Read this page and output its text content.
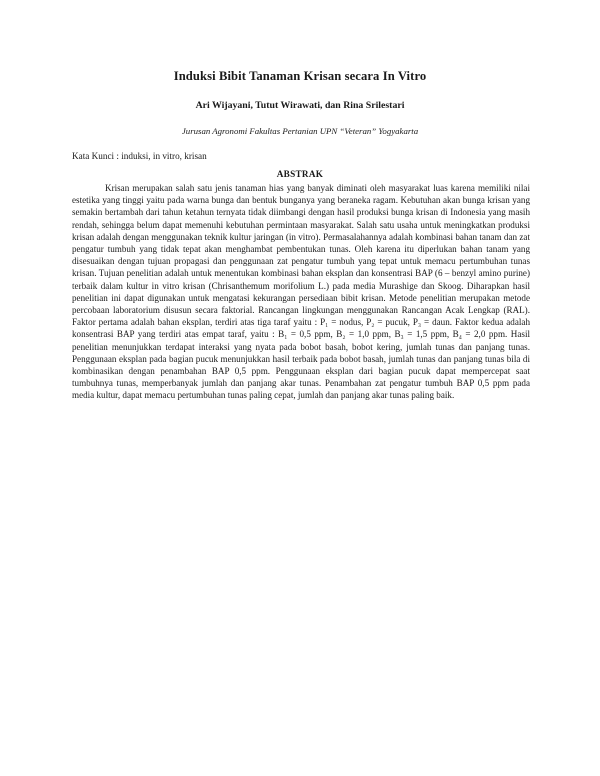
Induksi Bibit Tanaman Krisan secara In Vitro
Ari Wijayani, Tutut Wirawati, dan Rina Srilestari
Jurusan Agronomi Fakultas Pertanian UPN “Veteran” Yogyakarta
Kata Kunci : induksi, in vitro, krisan
ABSTRAK

Krisan merupakan salah satu jenis tanaman hias yang banyak diminati oleh masyarakat luas karena memiliki nilai estetika yang tinggi yaitu pada warna bunga dan bentuk bunganya yang beraneka ragam. Kebutuhan akan bunga krisan yang semakin bertambah dari tahun ketahun ternyata tidak diimbangi dengan hasil produksi bunga krisan di Indonesia yang masih rendah, sehingga belum dapat memenuhi kebutuhan permintaan masyarakat. Salah satu usaha untuk meningkatkan produksi krisan adalah dengan menggunakan teknik kultur jaringan (in vitro). Permasalahannya adalah kombinasi bahan tanam dan zat pengatur tumbuh yang tidak tepat akan menghambat pembentukan tunas. Oleh karena itu diperlukan bahan tanam yang disesuaikan dengan tujuan propagasi dan penggunaan zat pengatur tumbuh yang tepat untuk memacu pertumbuhan tunas krisan. Tujuan penelitian adalah untuk menentukan kombinasi bahan eksplan dan konsentrasi BAP (6 – benzyl amino purine) terbaik dalam kultur in vitro krisan (Chrisanthemum morifolium L.) pada media Murashige dan Skoog. Diharapkan hasil penelitian ini dapat digunakan untuk mengatasi kekurangan persediaan bibit krisan. Metode penelitian merupakan metode percobaan laboratorium disusun secara faktorial. Rancangan lingkungan menggunakan Rancangan Acak Lengkap (RAL). Faktor pertama adalah bahan eksplan, terdiri atas tiga taraf yaitu : P₁ = nodus, P₂ = pucuk, P₃ = daun. Faktor kedua adalah konsentrasi BAP yang terdiri atas empat taraf, yaitu : B₁ = 0,5 ppm, B₂ = 1,0 ppm, B₃ = 1,5 ppm, B₄ = 2,0 ppm. Hasil penelitian menunjukkan terdapat interaksi yang nyata pada bobot basah, bobot kering, jumlah tunas dan panjang tunas. Penggunaan eksplan pada bagian pucuk menunjukkan hasil terbaik pada bobot basah, jumlah tunas dan panjang tunas bila di kombinasikan dengan penambahan BAP 0,5 ppm. Penggunaan eksplan dari bagian pucuk dapat mempercepat saat tumbuhnya tunas, memperbanyak jumlah dan panjang akar tunas. Penambahan zat pengatur tumbuh BAP 0,5 ppm pada media kultur, dapat memacu pertumbuhan tunas paling cepat, jumlah dan panjang akar tunas paling baik.
